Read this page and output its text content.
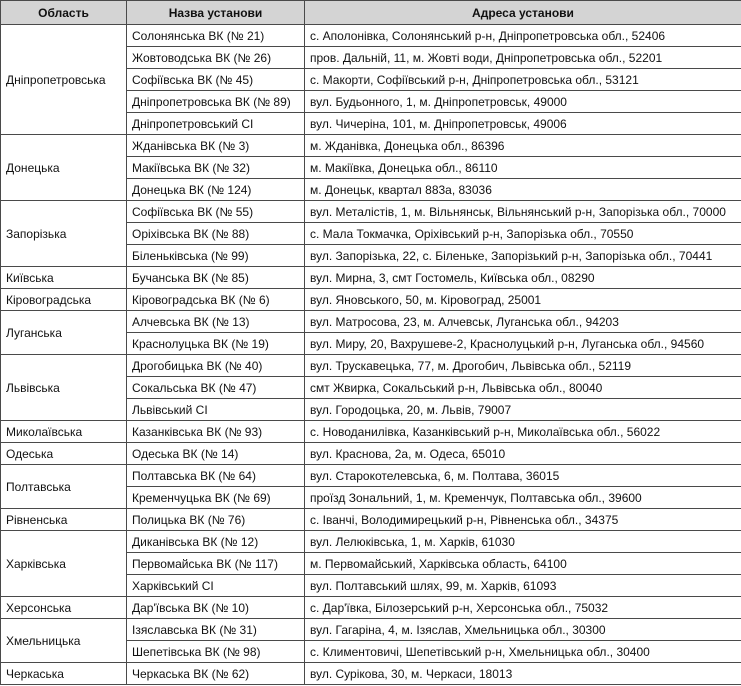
Область	Назва установи	Адреса установи
Дніпропетровська	Солонянська ВК (№ 21)	с. Аполонівка, Солонянський р-н, Дніпропетровська обл., 52406
	Жовтоводська ВК (№ 26)	пров. Дальній, 11, м. Жовті води, Дніпропетровська обл., 52201
	Софіївська ВК (№ 45)	с. Макорти, Софіївський р-н, Дніпропетровська обл., 53121
	Дніпропетровська ВК (№ 89)	вул. Будьонного, 1, м. Дніпропетровськ, 49000
	Дніпропетровський СІ	вул. Чичеріна, 101, м. Дніпропетровськ, 49006
Донецька	Жданівська ВК (№ 3)	м. Жданівка, Донецька обл., 86396
	Макіївська ВК (№ 32)	м. Макіївка, Донецька обл., 86110
	Донецька ВК (№ 124)	м. Донецьк, квартал 883а, 83036
Запорізька	Софіївська ВК (№ 55)	вул. Металістів, 1, м. Вільнянськ, Вільнянський р-н, Запорізька обл., 70000
	Оріхівська ВК (№ 88)	с. Мала Токмачка, Оріхівський р-н, Запорізька обл., 70550
	Біленьківська (№ 99)	вул. Запорізька, 22, с. Біленьке, Запорізький р-н, Запорізька обл., 70441
Київська	Бучанська ВК (№ 85)	вул. Мирна, 3, смт Гостомель, Київська обл., 08290
Кіровоградська	Кіровоградська ВК (№ 6)	вул. Яновського, 50, м. Кіровоград, 25001
Луганська	Алчевська ВК (№ 13)	вул. Матросова, 23, м. Алчевськ, Луганська обл., 94203
	Краснолуцька ВК (№ 19)	вул. Миру, 20, Вахрушеве-2, Краснолуцький р-н, Луганська обл., 94560
Львівська	Дрогобицька ВК (№ 40)	вул. Трускавецька, 77, м. Дрогобич, Львівська обл., 52119
	Сокальська ВК (№ 47)	смт Жвирка, Сокальський р-н, Львівська обл., 80040
	Львівський СІ	вул. Городоцька, 20, м. Львів, 79007
Миколаївська	Казанківська ВК (№ 93)	с. Новоданилівка, Казанківський р-н, Миколаївська обл., 56022
Одеська	Одеська ВК (№ 14)	вул. Краснова, 2а, м. Одеса, 65010
Полтавська	Полтавська ВК (№ 64)	вул. Старокотелевська, 6, м. Полтава, 36015
	Кременчуцька ВК (№ 69)	проїзд Зональний, 1, м. Кременчук, Полтавська обл., 39600
Рівненська	Полицька ВК (№ 76)	с. Іванчі, Володимирецький р-н, Рівненська обл., 34375
Харківська	Диканівська ВК (№ 12)	вул. Лелюківська, 1, м. Харків, 61030
	Первомайська ВК (№ 117)	м. Первомайський, Харківська область, 64100
	Харківський СІ	вул. Полтавський шлях, 99, м. Харків, 61093
Херсонська	Дар'ївська ВК (№ 10)	с. Дар'ївка, Білозерський р-н, Херсонська обл., 75032
Хмельницька	Ізяславська ВК (№ 31)	вул. Гагаріна, 4, м. Ізяслав, Хмельницька обл., 30300
	Шепетівська ВК (№ 98)	с. Климентовичі, Шепетівський р-н, Хмельницька обл., 30400
Черкаська	Черкаська ВК (№ 62)	вул. Сурікова, 30, м. Черкаси, 18013
